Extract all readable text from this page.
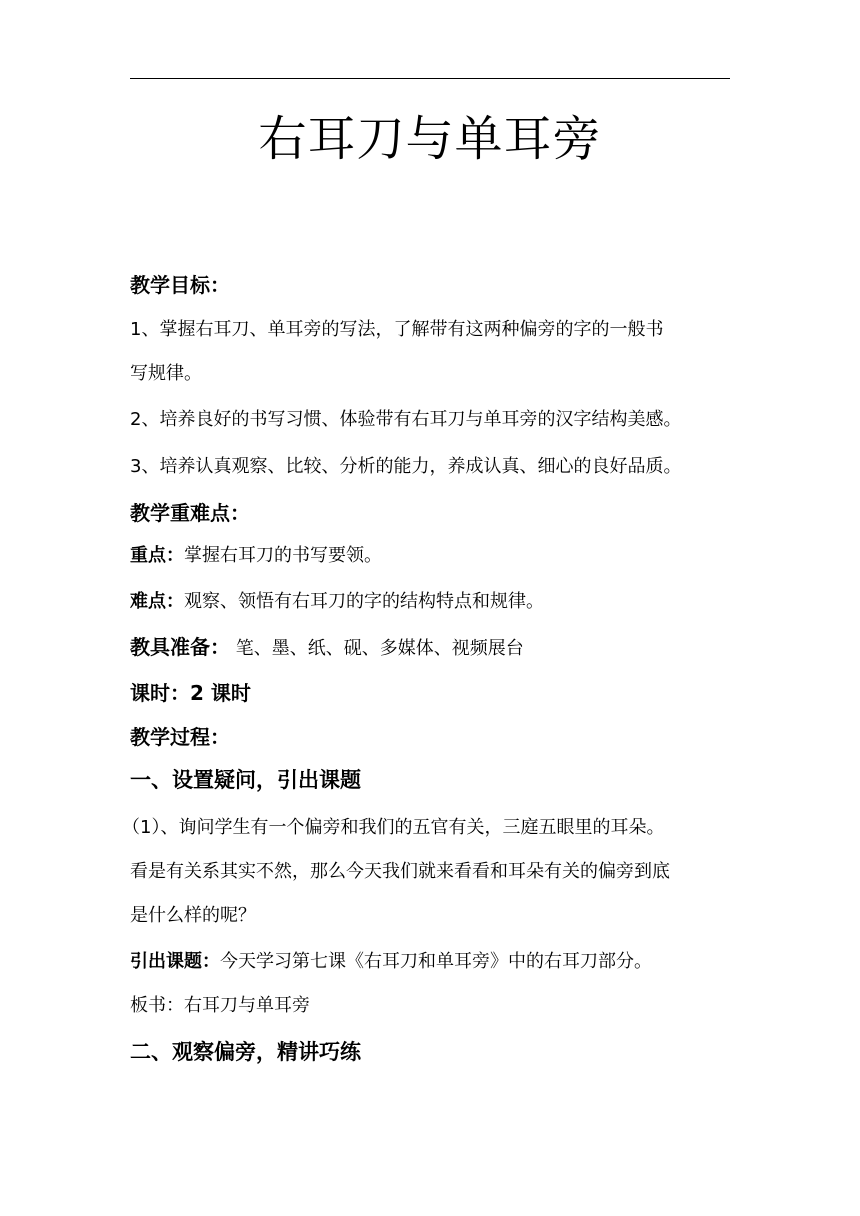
右耳刀与单耳旁
教学目标：
1、掌握右耳刀、单耳旁的写法，了解带有这两种偏旁的字的一般书
写规律。
2、培养良好的书写习惯、体验带有右耳刀与单耳旁的汉字结构美感。
3、培养认真观察、比较、分析的能力，养成认真、细心的良好品质。
教学重难点：
重点：掌握右耳刀的书写要领。
难点：观察、领悟有右耳刀的字的结构特点和规律。
教具准备： 笔、墨、纸、砚、多媒体、视频展台
课时：2 课时
教学过程：
一、设置疑问，引出课题
（1）、询问学生有一个偏旁和我们的五官有关，三庭五眼里的耳朵。
看是有关系其实不然，那么今天我们就来看看和耳朵有关的偏旁到底
是什么样的呢？
引出课题：今天学习第七课《右耳刀和单耳旁》中的右耳刀部分。
板书：右耳刀与单耳旁
二、观察偏旁，精讲巧练
